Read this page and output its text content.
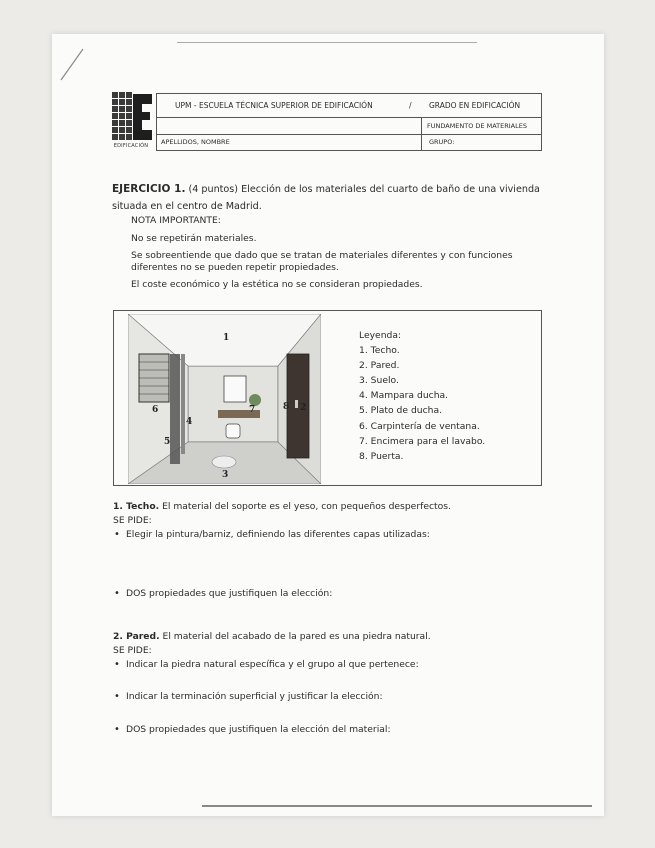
EDIFICACIÓN
UPM - ESCUELA TÉCNICA SUPERIOR DE EDIFICACIÓN	/ GRADO EN EDIFICACIÓN
FUNDAMENTO DE MATERIALES
APELLIDOS, NOMBRE	GRUPO:
EJERCICIO 1. (4 puntos) Elección de los materiales del cuarto de baño de una vivienda
situada en el centro de Madrid.
NOTA IMPORTANTE:
No se repetirán materiales.
Se sobreentiende que dado que se tratan de materiales diferentes y con funciones
diferentes no se pueden repetir propiedades.
El coste económico y la estética no se consideran propiedades.
1
2
3
4
5
6	7	8
Leyenda:
1. Techo.
2. Pared.
3. Suelo.
4. Mampara ducha.
5. Plato de ducha.
6. Carpintería de ventana.
7. Encimera para el lavabo.
8. Puerta.
1. Techo. El material del soporte es el yeso, con pequeños desperfectos.
SE PIDE:
• Elegir la pintura/barniz, definiendo las diferentes capas utilizadas:
• DOS propiedades que justifiquen la elección:
2. Pared. El material del acabado de la pared es una piedra natural.
SE PIDE:
• Indicar la piedra natural específica y el grupo al que pertenece:
• Indicar la terminación superficial y justificar la elección:
• DOS propiedades que justifiquen la elección del material:
